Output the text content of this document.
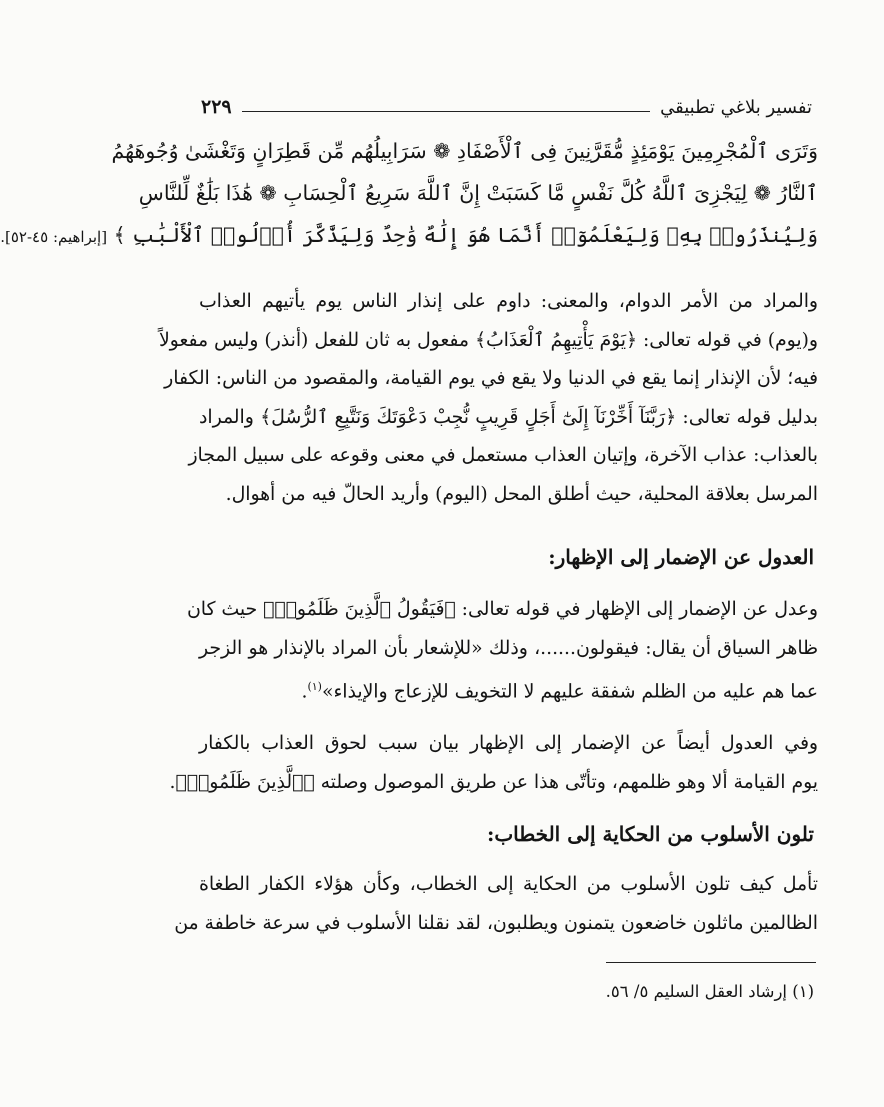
تفسير بلاغي تطبيقي
٢٢٩
وَتَرَى ٱلْمُجْرِمِينَ يَوْمَئِذٍ مُّقَرَّنِينَ فِى ٱلْأَصْفَادِ ❁ سَرَابِيلُهُم مِّن قَطِرَانٍ وَتَغْشَىٰ وُجُوهَهُمُ
ٱلنَّارُ ❁ لِيَجْزِىَ ٱللَّهُ كُلَّ نَفْسٍ مَّا كَسَبَتْ إِنَّ ٱللَّهَ سَرِيعُ ٱلْحِسَابِ ❁ هَٰذَا بَلَٰغٌ لِّلنَّاسِ
وَلِيُنذَرُوا۟ بِهِۦ وَلِيَعْلَمُوٓا۟ أَنَّمَا هُوَ إِلَٰهٌ وَٰحِدٌ وَلِيَذَّكَّرَ أُو۟لُوا۟ ٱلْأَلْبَٰبِ ﴾ [إبراهيم: ٤٥-٥٢].
والمراد من الأمر الدوام، والمعنى: داوم على إنذار الناس يوم يأتيهم العذاب
و(يوم) في قوله تعالى: ﴿يَوْمَ يَأْتِيهِمُ ٱلْعَذَابُ﴾ مفعول به ثان للفعل (أنذر) وليس مفعولاً
فيه؛ لأن الإنذار إنما يقع في الدنيا ولا يقع في يوم القيامة، والمقصود من الناس: الكفار
بدليل قوله تعالى: ﴿رَبَّنَآ أَخِّرْنَآ إِلَىٰٓ أَجَلٍ قَرِيبٍ نُّجِبْ دَعْوَتَكَ وَنَتَّبِعِ ٱلرُّسُلَ﴾ والمراد
بالعذاب: عذاب الآخرة، وإتيان العذاب مستعمل في معنى وقوعه على سبيل المجاز
المرسل بعلاقة المحلية، حيث أطلق المحل (اليوم) وأريد الحالّ فيه من أهوال.
العدول عن الإضمار إلى الإظهار:
وعدل عن الإضمار إلى الإظهار في قوله تعالى: ﴿فَيَقُولُ ٱلَّذِينَ ظَلَمُوا۟﴾ حيث كان
ظاهر السياق أن يقال: فيقولون......، وذلك «للإشعار بأن المراد بالإنذار هو الزجر
عما هم عليه من الظلم شفقة عليهم لا التخويف للإزعاج والإيذاء»$^{(١)}$.
وفي العدول أيضاً عن الإضمار إلى الإظهار بيان سبب لحوق العذاب بالكفار
يوم القيامة ألا وهو ظلمهم، وتأتّى هذا عن طريق الموصول وصلته ﴿ٱلَّذِينَ ظَلَمُوا۟﴾.
تلون الأسلوب من الحكاية إلى الخطاب:
تأمل كيف تلون الأسلوب من الحكاية إلى الخطاب، وكأن هؤلاء الكفار الطغاة
الظالمين ماثلون خاضعون يتمنون ويطلبون، لقد نقلنا الأسلوب في سرعة خاطفة من
(١) إرشاد العقل السليم ٥/ ٥٦.
